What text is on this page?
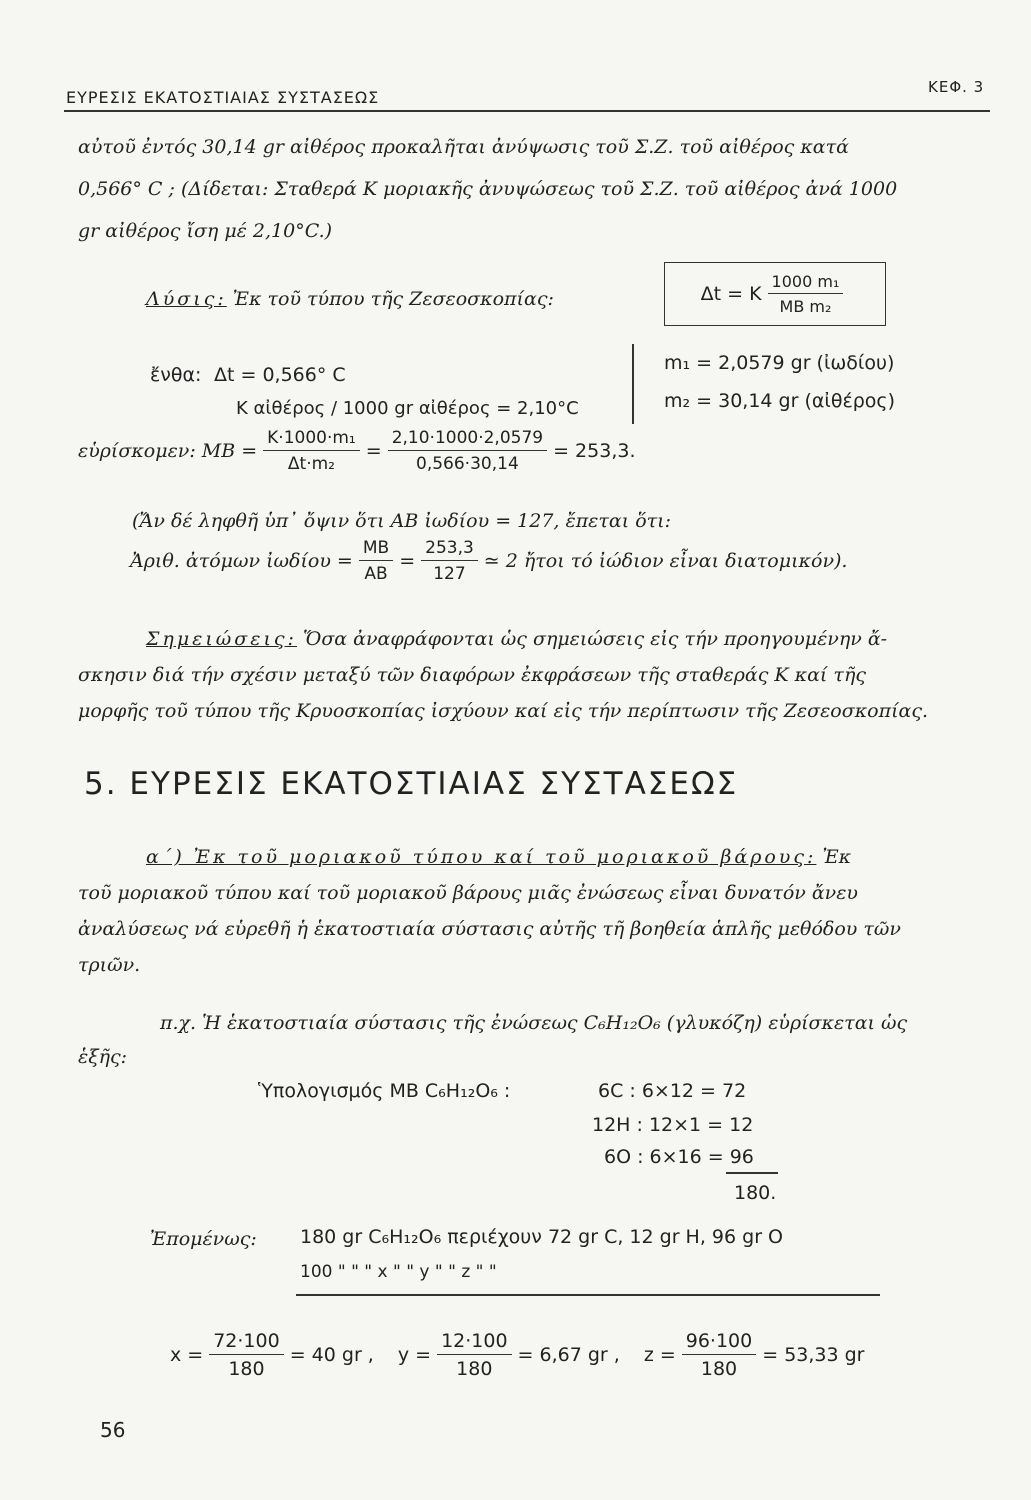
ΕΥΡΕΣΙΣ ΕΚΑΤΟΣΤΙΑΙΑΣ ΣΥΣΤΑΣΕΩΣ
ΚΕΦ. 3
αὐτοῦ ἐντός 30,14 gr αἰθέρος προκαλῆται ἀνύψωσις τοῦ Σ.Ζ. τοῦ αἰθέρος κατά
0,566° C ; (Δίδεται: Σταθερά K μοριακῆς ἀνυψώσεως τοῦ Σ.Ζ. τοῦ αἰθέρος ἀνά 1000
gr αἰθέρος ἴση μέ 2,10°C.)
Λύσις: Ἐκ τοῦ τύπου τῆς Ζεσεοσκοπίας:	Δt = K $\frac{\text{1000 m₁}}{\text{MB m₂}}$
ἔνθα: Δt = 0,566° C
K αἰθέρος / 1000 gr αἰθέρος = 2,10°C
m₁ = 2,0579 gr (ἰωδίου)
m₂ = 30,14 gr (αἰθέρος)
εὑρίσκομεν: MB = $\frac{\text{K·1000·m₁}}{\text{Δt·m₂}} = \frac{2,10\cdot 1000\cdot 2,0579}{0,566\cdot 30,14} = 253,3$.
(Ἄν δέ ληφθῆ ὑπ᾽ ὄψιν ὅτι AB ἰωδίου = 127, ἔπεται ὅτι:
Ἀριθ. ἀτόμων ἰωδίου = $\frac{MB}{AB} = \frac{253,3}{127}$ ≃ 2 ἤτοι τό ἰώδιον εἶναι διατομικόν).
Σημειώσεις: Ὅσα ἀναφράφονται ὡς σημειώσεις εἰς τήν προηγουμένην ἄ-
σκησιν διά τήν σχέσιν μεταξύ τῶν διαφόρων ἐκφράσεων τῆς σταθεράς K καί τῆς
μορφῆς τοῦ τύπου τῆς Κρυοσκοπίας ἰσχύουν καί εἰς τήν περίπτωσιν τῆς Ζεσεοσκοπίας.
5. ΕΥΡΕΣΙΣ ΕΚΑΤΟΣΤΙΑΙΑΣ ΣΥΣΤΑΣΕΩΣ
α´) Ἐκ τοῦ μοριακοῦ τύπου καί τοῦ μοριακοῦ βάρους: Ἐκ
τοῦ μοριακοῦ τύπου καί τοῦ μοριακοῦ βάρους μιᾶς ἐνώσεως εἶναι δυνατόν ἄνευ
ἀναλύσεως νά εὑρεθῆ ἡ ἑκατοστιαία σύστασις αὐτῆς τῆ βοηθεία ἁπλῆς μεθόδου τῶν
τριῶν.
π.χ. Ἡ ἑκατοστιαία σύστασις τῆς ἐνώσεως C₆H₁₂O₆ (γλυκόζη) εὑρίσκεται ὡς
ἑξῆς:
Ὑπολογισμός MB C₆H₁₂O₆ :	6C : 6×12 = 72
12H : 12×1 = 12
6O : 6×16 = 96
180.
Ἐπομένως: 180 gr C₆H₁₂O₆ περιέχουν 72 gr C, 12 gr H, 96 gr O
100 " " " x " " y " " z " "
$x = \frac{72\cdot 100}{180} = 40$ gr , $y = \frac{12\cdot 100}{180} = 6,67$ gr , $z = \frac{96\cdot 100}{180} = 53,33$ gr
56
